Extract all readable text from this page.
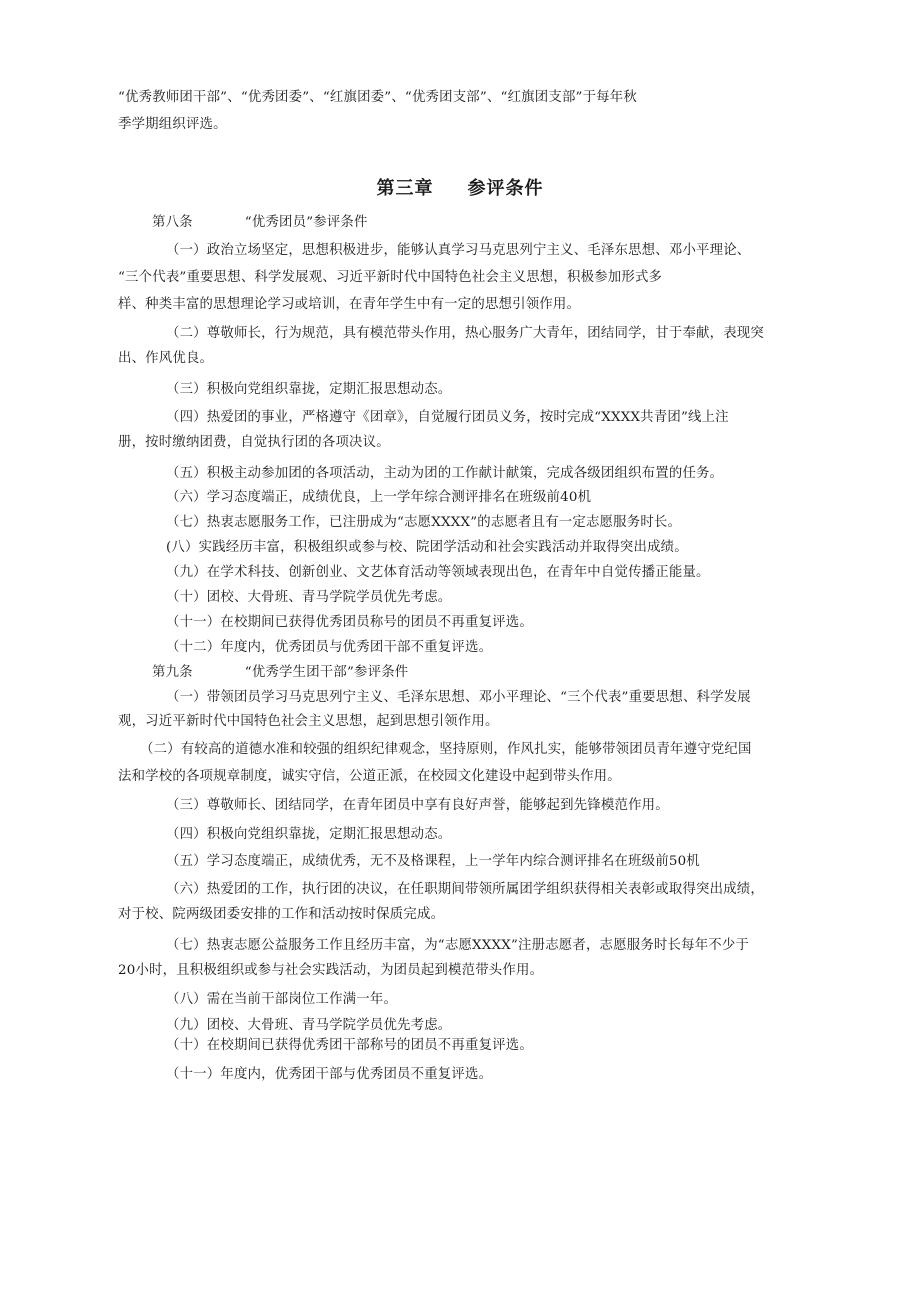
“优秀教师团干部”、“优秀团委”、“红旗团委”、“优秀团支部”、“红旗团支部”于每年秋
季学期组织评选。
第三章 参评条件
第八条	“优秀团员”参评条件
（一）政治立场坚定，思想积极进步，能够认真学习马克思列宁主义、毛泽东思想、邓小平理论、
“三个代表”重要思想、科学发展观、习近平新时代中国特色社会主义思想，积极参加形式多
样、种类丰富的思想理论学习或培训，在青年学生中有一定的思想引领作用。
（二）尊敬师长，行为规范，具有模范带头作用，热心服务广大青年，团结同学，甘于奉献，表现突
出、作风优良。
（三）积极向党组织靠拢，定期汇报思想动态。
（四）热爱团的事业，严格遵守《团章》，自觉履行团员义务，按时完成“XXXX共青团”线上注
册，按时缴纳团费，自觉执行团的各项决议。
（五）积极主动参加团的各项活动，主动为团的工作献计献策，完成各级团组织布置的任务。
（六）学习态度端正，成绩优良，上一学年综合测评排名在班级前40机
（七）热衷志愿服务工作，已注册成为“志愿XXXX”的志愿者且有一定志愿服务时长。
(八）实践经历丰富，积极组织或参与校、院团学活动和社会实践活动并取得突出成绩。
（九）在学术科技、创新创业、文艺体育活动等领域表现出色，在青年中自觉传播正能量。
（十）团校、大骨班、青马学院学员优先考虑。
（十一）在校期间已获得优秀团员称号的团员不再重复评选。
（十二）年度内，优秀团员与优秀团干部不重复评选。
第九条	“优秀学生团干部”参评条件
（一）带领团员学习马克思列宁主义、毛泽东思想、邓小平理论、“三个代表”重要思想、科学发展
观，习近平新时代中国特色社会主义思想，起到思想引领作用。
（二）有较高的道德水准和较强的组织纪律观念，坚持原则，作风扎实，能够带领团员青年遵守党纪国
法和学校的各项规章制度，诚实守信，公道正派，在校园文化建设中起到带头作用。
（三）尊敬师长、团结同学，在青年团员中享有良好声誉，能够起到先锋模范作用。
（四）积极向党组织靠拢，定期汇报思想动态。
（五）学习态度端正，成绩优秀，无不及格课程，上一学年内综合测评排名在班级前50机
（六）热爱团的工作，执行团的决议，在任职期间带领所属团学组织获得相关表彰或取得突出成绩，
对于校、院两级团委安排的工作和活动按时保质完成。
（七）热衷志愿公益服务工作且经历丰富，为“志愿XXXX”注册志愿者，志愿服务时长每年不少于
20小时，且积极组织或参与社会实践活动，为团员起到模范带头作用。
（八）需在当前干部岗位工作满一年。
（九）团校、大骨班、青马学院学员优先考虑。
（十）在校期间已获得优秀团干部称号的团员不再重复评选。
（十一）年度内，优秀团干部与优秀团员不重复评选。
